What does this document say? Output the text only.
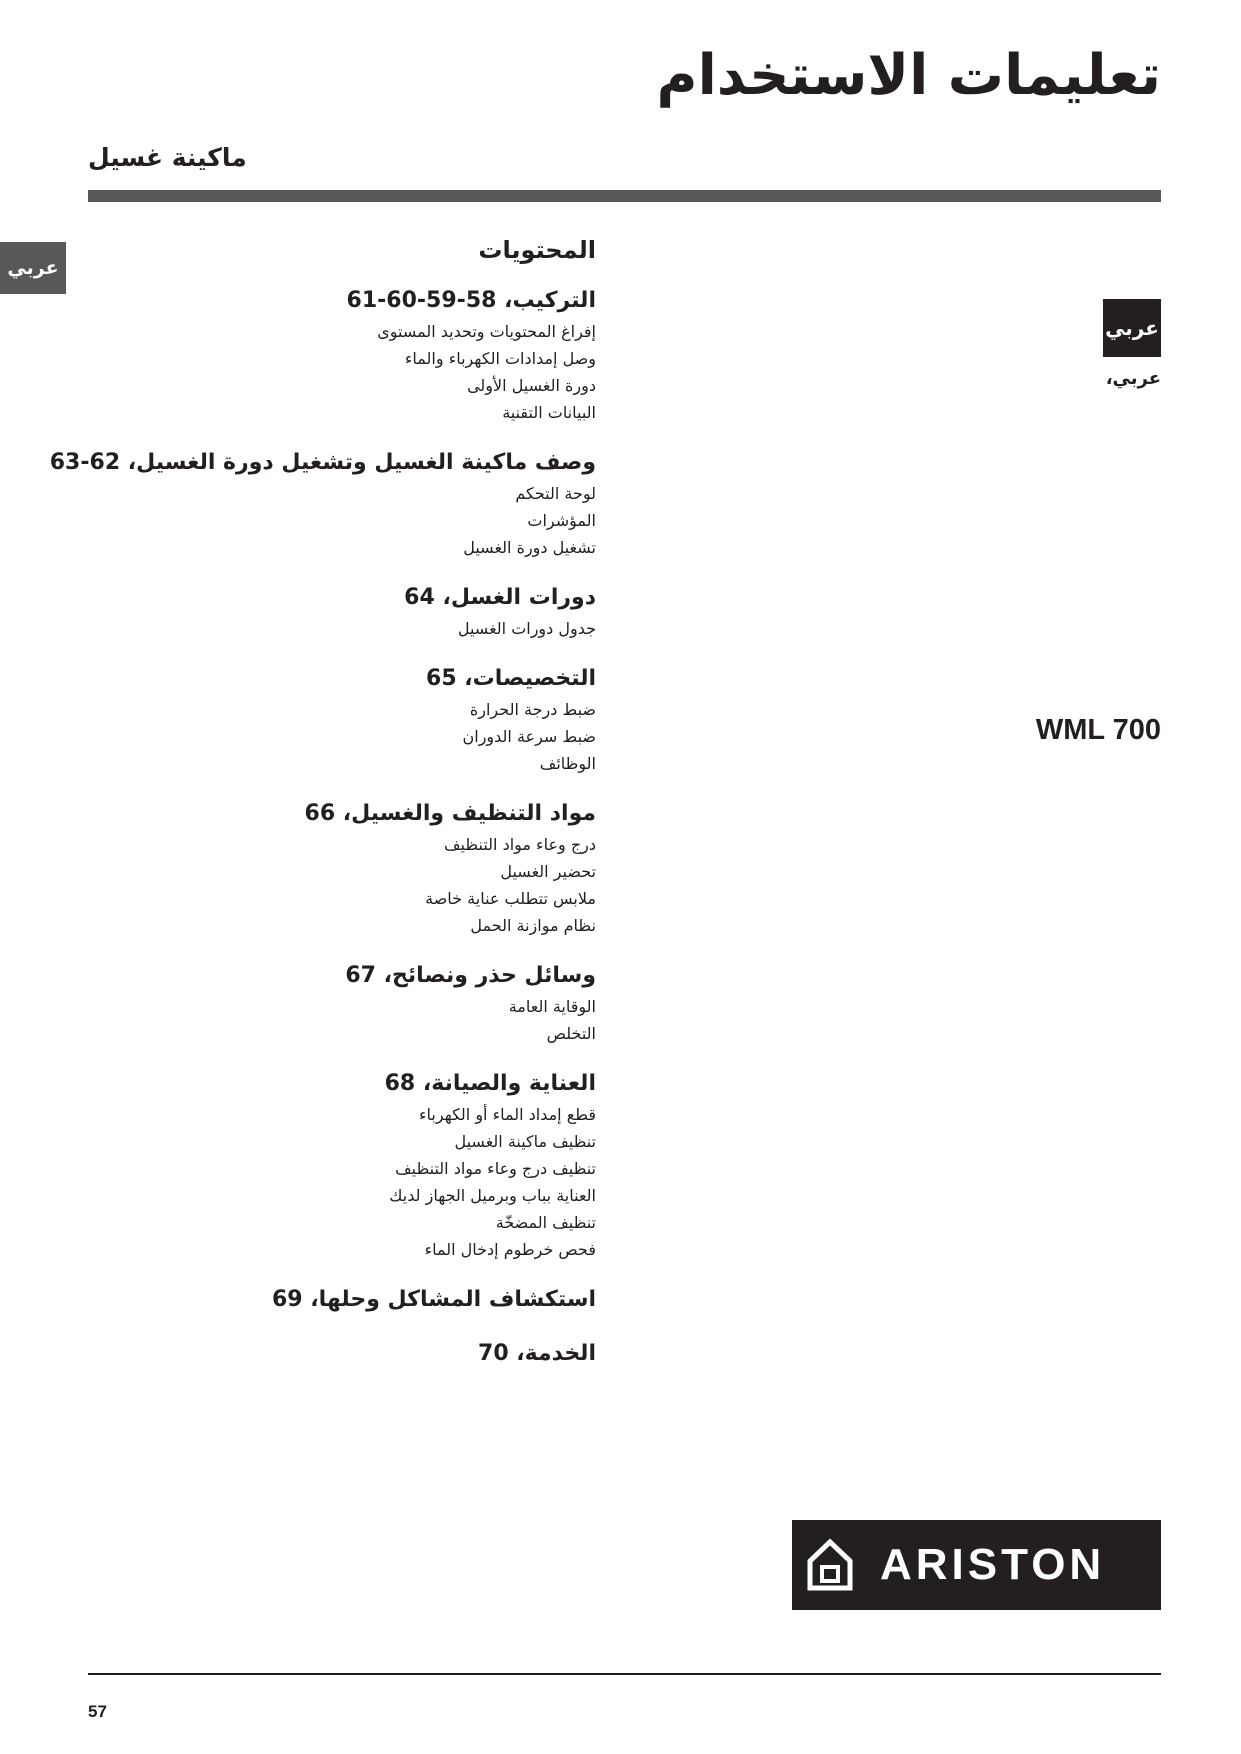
تعليمات الاستخدام
ماكينة غسيل
عربي
عربي
عربي،
WML 700
المحتويات
التركيب، 58-59-60-61
إفراغ المحتويات وتحديد المستوى
وصل إمدادات الكهرباء والماء
دورة الغسيل الأولى
البيانات التقنية
وصف ماكينة الغسيل وتشغيل دورة الغسيل، 62-63
لوحة التحكم
المؤشرات
تشغيل دورة الغسيل
دورات الغسل، 64
جدول دورات الغسيل
التخصيصات، 65
ضبط درجة الحرارة
ضبط سرعة الدوران
الوظائف
مواد التنظيف والغسيل، 66
درج وعاء مواد التنظيف
تحضير الغسيل
ملابس تتطلب عناية خاصة
نظام موازنة الحمل
وسائل حذر ونصائح، 67
الوقاية العامة
التخلص
العناية والصيانة، 68
قطع إمداد الماء أو الكهرباء
تنظيف ماكينة الغسيل
تنظيف درج وعاء مواد التنظيف
العناية بباب وبرميل الجهاز لديك
تنظيف المضخّة
فحص خرطوم إدخال الماء
استكشاف المشاكل وحلها، 69
الخدمة، 70
ARISTON
57
